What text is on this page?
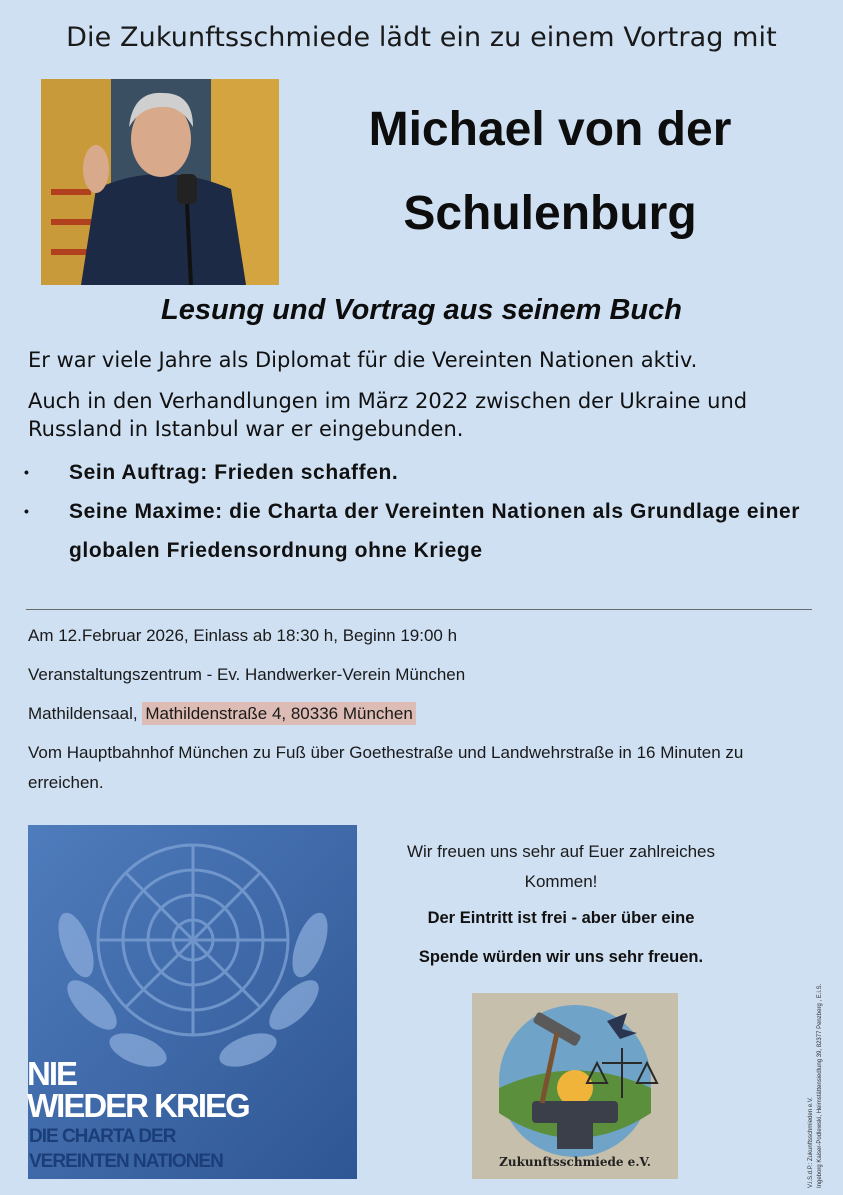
Die Zukunftsschmiede lädt ein zu einem Vortrag mit
Michael von der
Schulenburg
Lesung und Vortrag aus seinem Buch
Er war viele Jahre als Diplomat für die Vereinten Nationen aktiv.
Auch in den Verhandlungen im März 2022 zwischen der Ukraine und Russland in Istanbul war er eingebunden.
• Sein Auftrag: Frieden schaffen.
• Seine Maxime: die Charta der Vereinten Nationen als Grundlage einer globalen Friedensordnung ohne Kriege
Am 12.Februar 2026, Einlass ab 18:30 h, Beginn 19:00 h
Veranstaltungszentrum - Ev. Handwerker-Verein München
Mathildensaal, Mathildenstraße 4, 80336 München
Vom Hauptbahnhof München zu Fuß über Goethestraße und Landwehrstraße in 16 Minuten zu erreichen.
NIE
WIEDER KRIEG
DIE CHARTA DER
VEREINTEN NATIONEN
Wir freuen uns sehr auf Euer zahlreiches
Kommen!
Der Eintritt ist frei - aber über eine
Spende würden wir uns sehr freuen.
Zukunftsschmiede e.V.	V.i.S.d.P.: Zukunftsschmieden e.V. Ingeborg Kaiser-Podlewski, Heimstättensiedlung 39, 82377 Penzberg , E.i.S.
